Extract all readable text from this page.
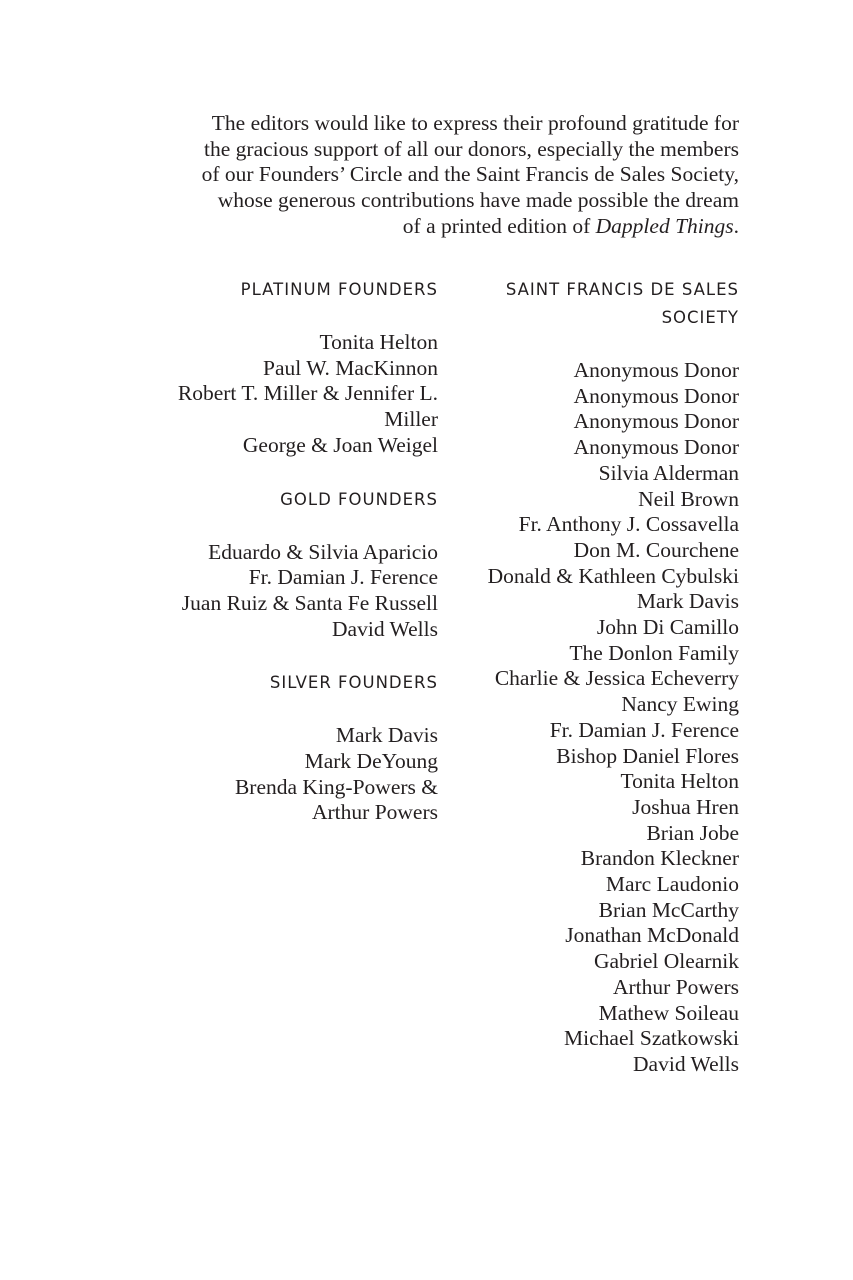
The editors would like to express their profound gratitude for
the gracious support of all our donors, especially the members
of our Founders’ Circle and the Saint Francis de Sales Society,
whose generous contributions have made possible the dream
of a printed edition of Dappled Things.

PLATINUM FOUNDERS
Tonita Helton
Paul W. MacKinnon
Robert T. Miller & Jennifer L.
Miller
George & Joan Weigel
GOLD FOUNDERS
Eduardo & Silvia Aparicio
Fr. Damian J. Ference
Juan Ruiz & Santa Fe Russell
David Wells
SILVER FOUNDERS
Mark Davis
Mark DeYoung
Brenda King-Powers &
Arthur Powers
SAINT FRANCIS DE SALES
SOCIETY
Anonymous Donor
Anonymous Donor
Anonymous Donor
Anonymous Donor
Silvia Alderman
Neil Brown
Fr. Anthony J. Cossavella
Don M. Courchene
Donald & Kathleen Cybulski
Mark Davis
John Di Camillo
The Donlon Family
Charlie & Jessica Echeverry
Nancy Ewing
Fr. Damian J. Ference
Bishop Daniel Flores
Tonita Helton
Joshua Hren
Brian Jobe
Brandon Kleckner
Marc Laudonio
Brian McCarthy
Jonathan McDonald
Gabriel Olearnik
Arthur Powers
Mathew Soileau
Michael Szatkowski
David Wells
